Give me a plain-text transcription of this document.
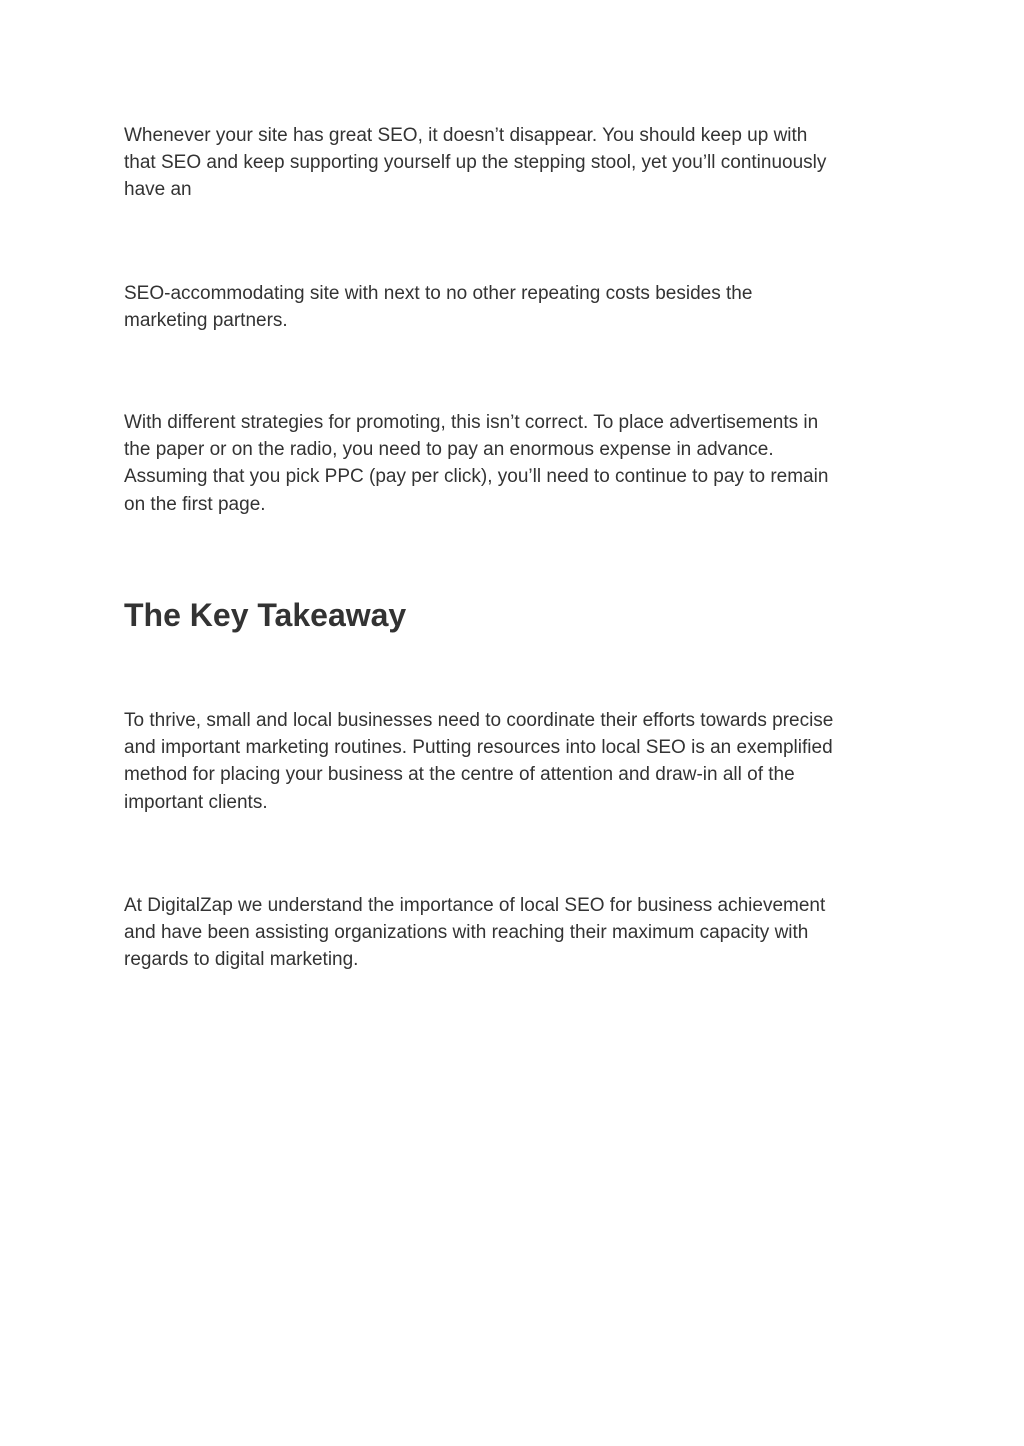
Whenever your site has great SEO, it doesn’t disappear. You should keep up with
that SEO and keep supporting yourself up the stepping stool, yet you’ll continuously
have an

SEO-accommodating site with next to no other repeating costs besides the
marketing partners.

With different strategies for promoting, this isn’t correct. To place advertisements in
the paper or on the radio, you need to pay an enormous expense in advance.
Assuming that you pick PPC (pay per click), you’ll need to continue to pay to remain
on the first page.

The Key Takeaway

To thrive, small and local businesses need to coordinate their efforts towards precise
and important marketing routines. Putting resources into local SEO is an exemplified
method for placing your business at the centre of attention and draw-in all of the
important clients.

At DigitalZap we understand the importance of local SEO for business achievement
and have been assisting organizations with reaching their maximum capacity with
regards to digital marketing.
